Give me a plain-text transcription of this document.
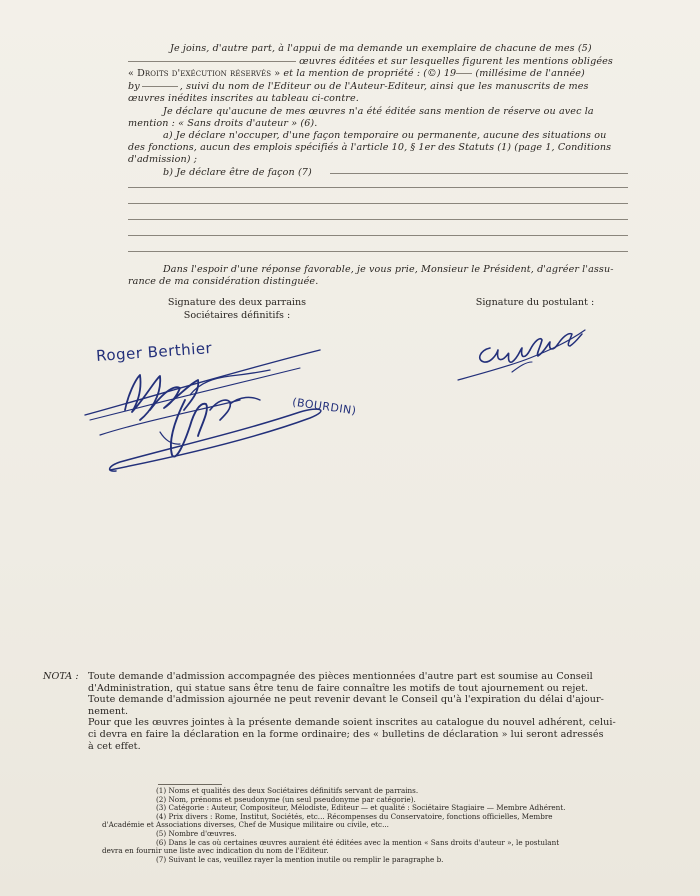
Je joins, d'autre part, à l'appui de ma demande un exemplaire de chacune de mes (5)
œuvres éditées et sur lesquelles figurent les mentions obligées
« Droits d'exécution réservés » et la mention de propriété : (©) 19 (millésime de l'année)
by	, suivi du nom de l'Editeur ou de l'Auteur-Editeur, ainsi que les manuscrits de mes
œuvres inédites inscrites au tableau ci-contre.
Je déclare qu'aucune de mes œuvres n'a été éditée sans mention de réserve ou avec la
mention : « Sans droits d'auteur » (6).
a) Je déclare n'occuper, d'une façon temporaire ou permanente, aucune des situations ou
des fonctions, aucun des emplois spécifiés à l'article 10, § 1er des Statuts (1) (page 1, Conditions
d'admission) ;
b) Je déclare être de façon (7)
Dans l'espoir d'une réponse favorable, je vous prie, Monsieur le Président, d'agréer l'assu-
rance de ma considération distinguée.
Signature des deux parrains
Sociétaires définitifs :
Signature du postulant :
Roger Berthier
(BOURDIN)
NOTA : Toute demande d'admission accompagnée des pièces mentionnées d'autre part est soumise au Conseil
d'Administration, qui statue sans être tenu de faire connaître les motifs de tout ajournement ou rejet.
Toute demande d'admission ajournée ne peut revenir devant le Conseil qu'à l'expiration du délai d'ajour-
nement.
Pour que les œuvres jointes à la présente demande soient inscrites au catalogue du nouvel adhérent, celui-
ci devra en faire la déclaration en la forme ordinaire; des « bulletins de déclaration » lui seront adressés
à cet effet.
(1) Noms et qualités des deux Sociétaires définitifs servant de parrains.
(2) Nom, prénoms et pseudonyme (un seul pseudonyme par catégorie).
(3) Catégorie : Auteur, Compositeur, Mélodiste, Editeur — et qualité : Sociétaire Stagiaire — Membre Adhérent.
(4) Prix divers : Rome, Institut, Sociétés, etc... Récompenses du Conservatoire, fonctions officielles, Membre
d'Académie et Associations diverses, Chef de Musique militaire ou civile, etc...
(5) Nombre d'œuvres.
(6) Dans le cas où certaines œuvres auraient été éditées avec la mention « Sans droits d'auteur », le postulant
devra en fournir une liste avec indication du nom de l'Editeur.
(7) Suivant le cas, veuillez rayer la mention inutile ou remplir le paragraphe b.
